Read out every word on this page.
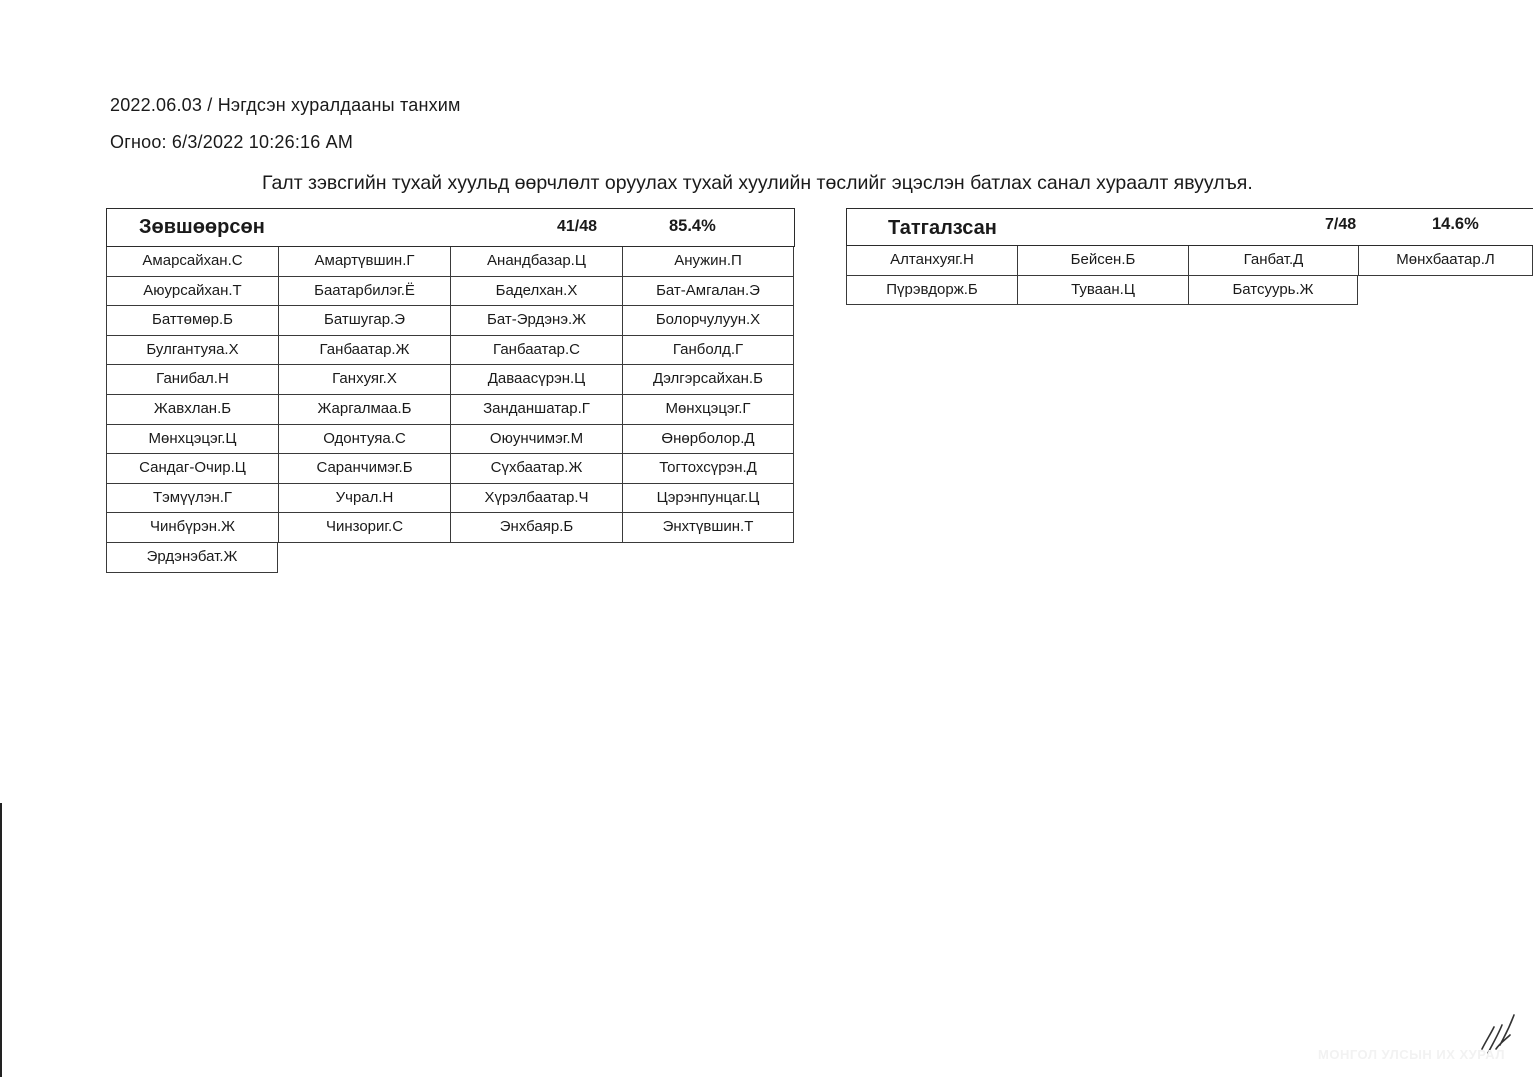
2022.06.03 / Нэгдсэн хуралдааны танхим
Огноо: 6/3/2022 10:26:16 AM
Галт зэвсгийн тухай хуульд өөрчлөлт оруулах тухай хуулийн төслийг эцэслэн батлах санал хураалт явуулъя.
Зөвшөөрсөн	41/48	85.4%
Амарсайхан.С	Амартүвшин.Г	Анандбазар.Ц	Анужин.П
Аюурсайхан.Т	Баатарбилэг.Ё	Баделхан.Х	Бат-Амгалан.Э
Баттөмөр.Б	Батшугар.Э	Бат-Эрдэнэ.Ж	Болорчулуун.Х
Булгантуяа.Х	Ганбаатар.Ж	Ганбаатар.С	Ганболд.Г
Ганибал.Н	Ганхуяг.Х	Даваасүрэн.Ц	Дэлгэрсайхан.Б
Жавхлан.Б	Жаргалмаа.Б	Занданшатар.Г	Мөнхцэцэг.Г
Мөнхцэцэг.Ц	Одонтуяа.С	Оюунчимэг.М	Өнөрболор.Д
Сандаг-Очир.Ц	Саранчимэг.Б	Сүхбаатар.Ж	Тогтохсүрэн.Д
Тэмүүлэн.Г	Учрал.Н	Хүрэлбаатар.Ч	Цэрэнпунцаг.Ц
Чинбүрэн.Ж	Чинзориг.С	Энхбаяр.Б	Энхтүвшин.Т
Эрдэнэбат.Ж
Татгалзсан	7/48	14.6%
Алтанхуяг.Н	Бейсен.Б	Ганбат.Д	Мөнхбаатар.Л
Пүрэвдорж.Б	Туваан.Ц	Батсуурь.Ж
МОНГОЛ УЛСЫН ИХ ХУРАЛ
